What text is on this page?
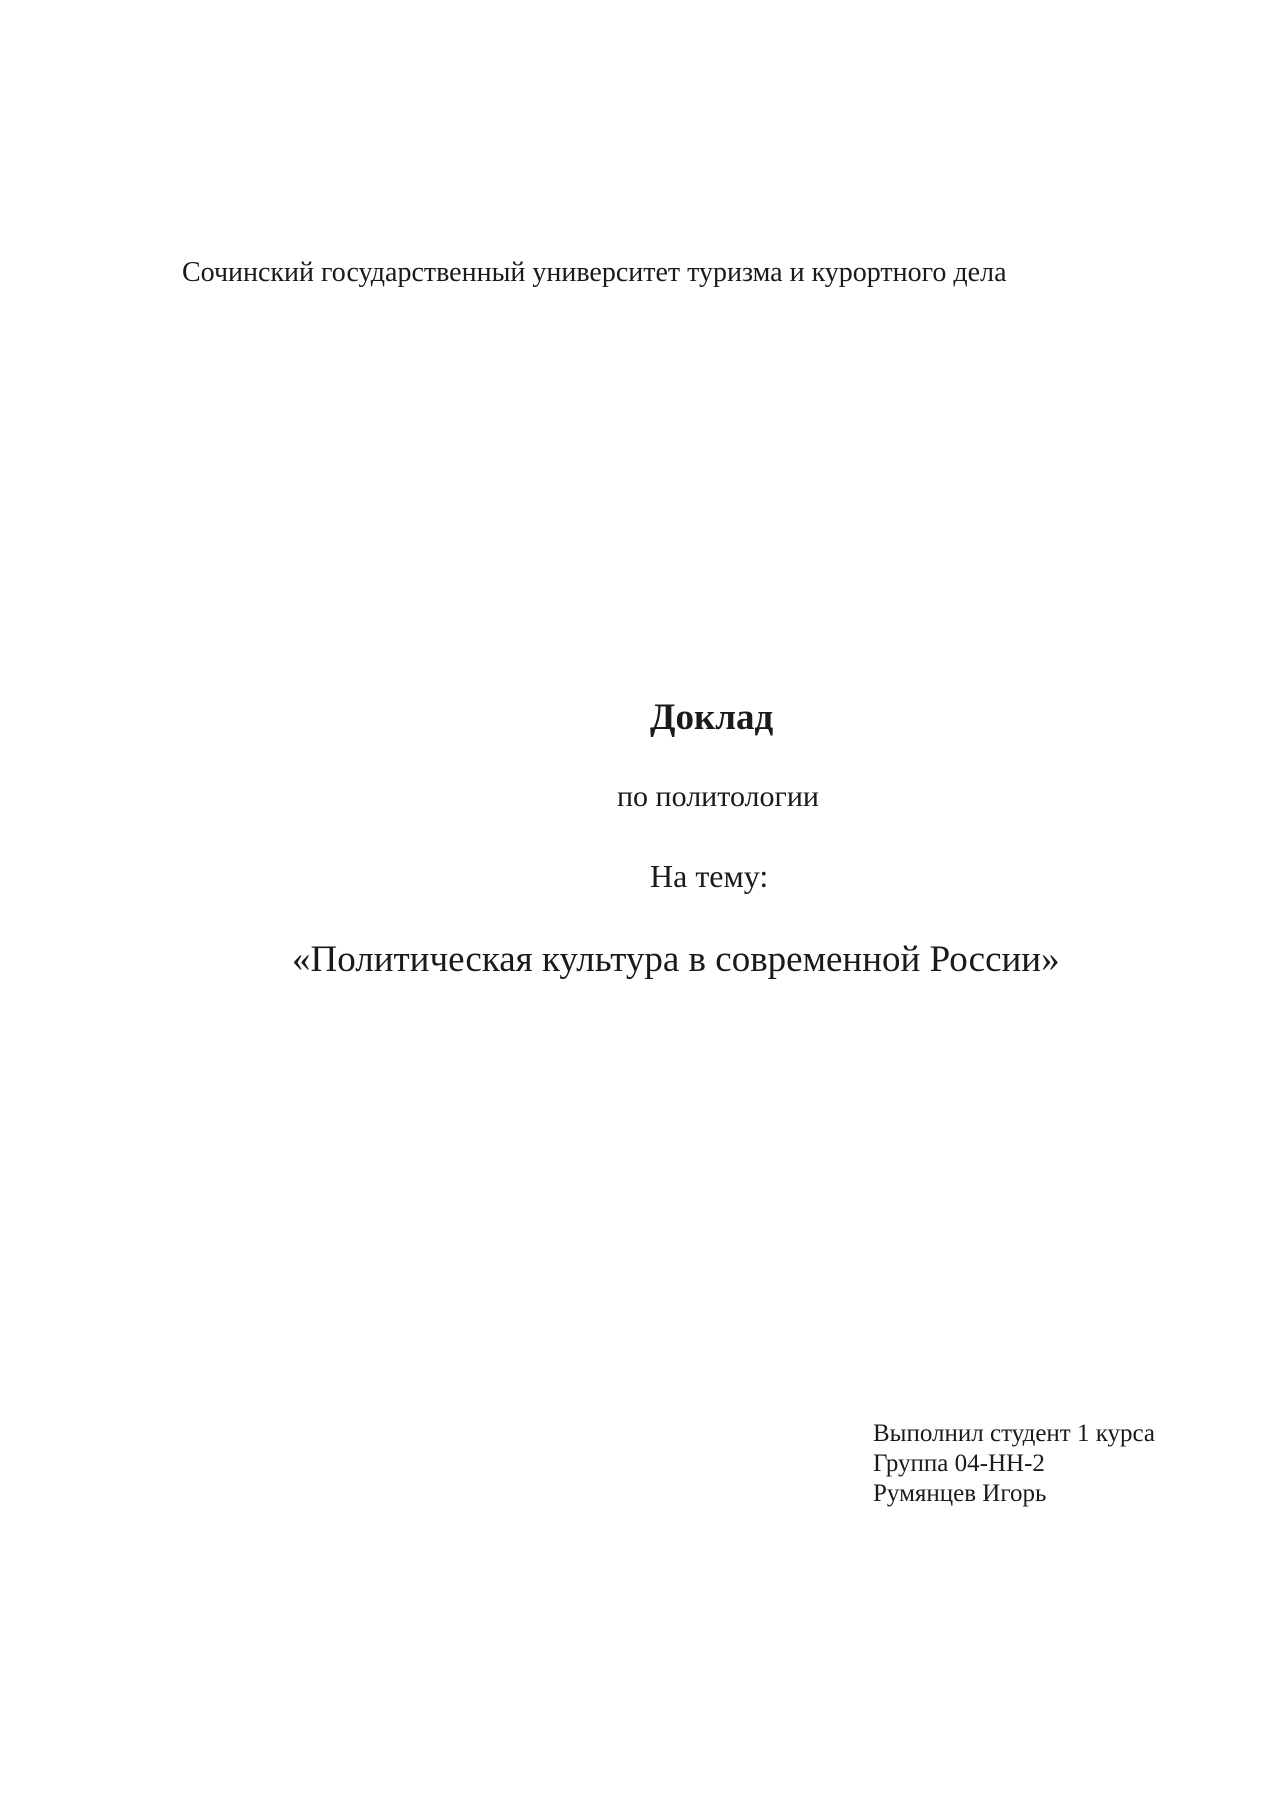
Сочинский государственный университет туризма и курортного дела
Доклад
по политологии
На тему:
«Политическая культура в современной России»
Выполнил студент 1 курса
Группа 04-НН-2
Румянцев Игорь
